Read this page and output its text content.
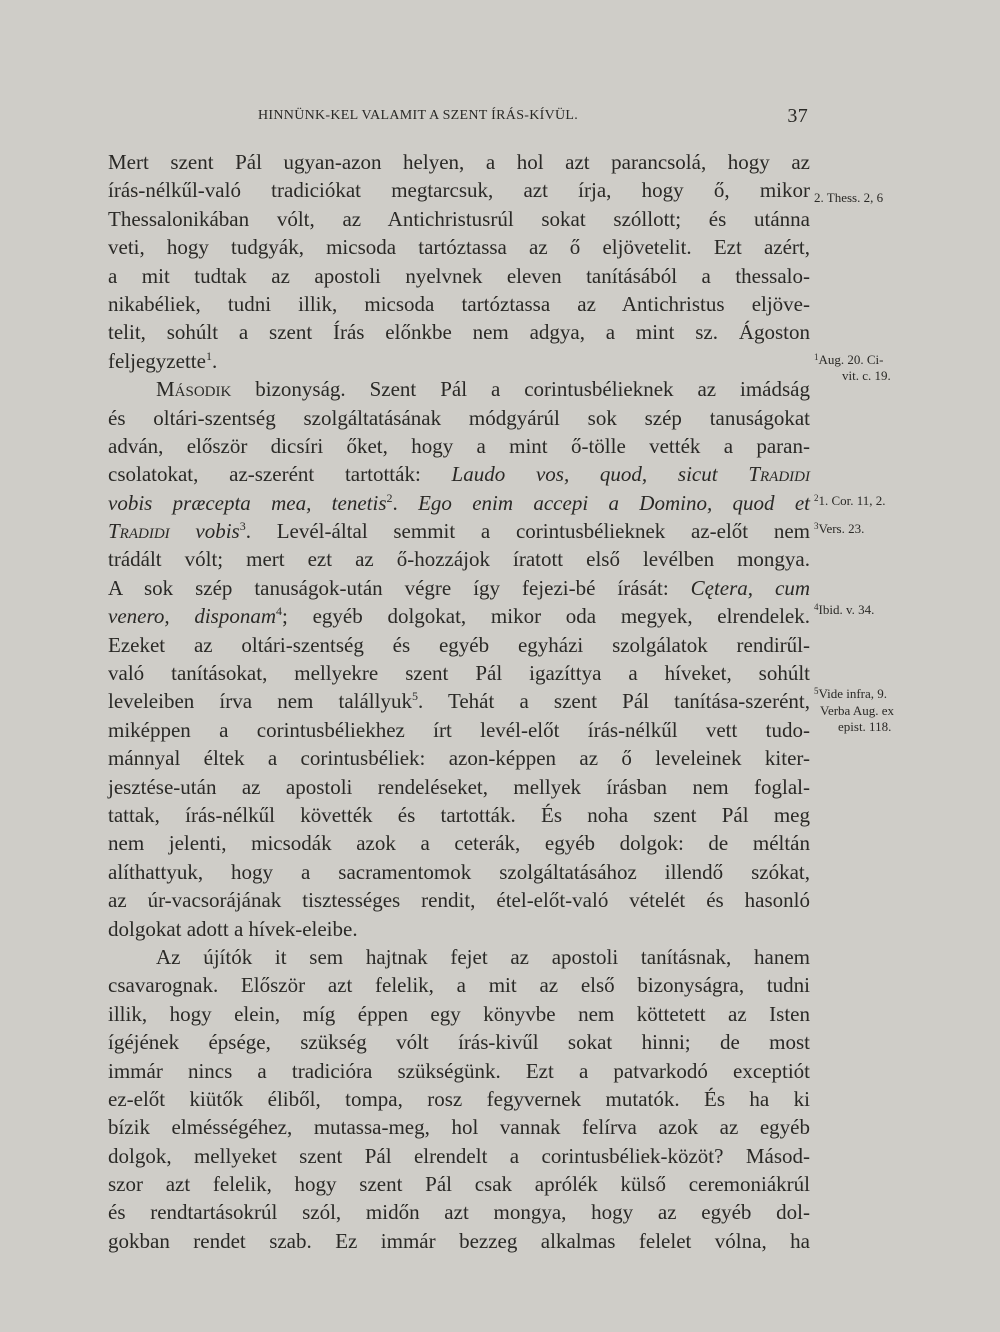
HINNÜNK-KEL VALAMIT A SZENT ÍRÁS-KÍVÜL.	37
Mert szent Pál ugyan-azon helyen, a hol azt parancsolá, hogy az
írás-nélkűl-való tradiciókat megtarcsuk, azt írja, hogy ő, mikor
Thessalonikában vólt, az Antichristusrúl sokat szóllott; és utánna
veti, hogy tudgyák, micsoda tartóztassa az ő eljövetelit. Ezt azért,
a mit tudtak az apostoli nyelvnek eleven tanításából a thessalo-
nikabéliek, tudni illik, micsoda tartóztassa az Antichristus eljöve-
telit, sohúlt a szent Írás előnkbe nem adgya, a mint sz. Ágoston
feljegyzette$^1$.
Második bizonyság. Szent Pál a corintusbélieknek az imádság
és oltári-szentség szolgáltatásának módgyárúl sok szép tanuságokat
adván, először dicsíri őket, hogy a mint ő-töllе vették a paran-
csolatokat, az-szerént tartották: Laudo vos, quod, sicut Tradidi
vobis præcepta mea, tenetis$^2$. Ego enim accepi a Domino, quod et
Tradidi vobis$^3$. Levél-által semmit a corintusbélieknek az-előt nem
trádált vólt; mert ezt az ő-hozzájok íratott első levélben mongya.
A sok szép tanuságok-után végre így fejezi-bé írását: Cętera, cum
venero, disponam$^4$; egyéb dolgokat, mikor oda megyek, elrendelek.
Ezeket az oltári-szentség és egyéb egyházi szolgálatok rendirűl-
való tanításokat, mellyekre szent Pál igazíttya a híveket, sohúlt
leveleiben írva nem talállyuk$^5$. Tehát a szent Pál tanítása-szerént,
miképpen a corintusbéliekhez írt levél-előt írás-nélkűl vett tudo-
mánnyal éltek a corintusbéliek: azon-képpen az ő leveleinek kiter-
jesztése-után az apostoli rendeléseket, mellyek írásban nem foglal-
tattak, írás-nélkűl követték és tartották. És noha szent Pál meg
nem jelenti, micsodák azok a ceterák, egyéb dolgok: de méltán
alíthattyuk, hogy a sacramentomok szolgáltatásához illendő szókat,
az úr-vacsorájának tisztességes rendit, étel-előt-való vételét és hasonló
dolgokat adott a hívek-eleibe.
Az újítók it sem hajtnak fejet az apostoli tanításnak, hanem
csavarognak. Először azt felelik, a mit az első bizonyságra, tudni
illik, hogy elein, míg éppen egy könyvbe nem köttetett az Isten
ígéjének épsége, szükség vólt írás-kivűl sokat hinni; de most
immár nincs a tradicióra szükségünk. Ezt a patvarkodó exceptiót
ez-előt kiütők éliből, tompa, rosz fegyvernek mutatók. És ha ki
bízik elmésségéhez, mutassa-meg, hol vannak felírva azok az egyéb
dolgok, mellyeket szent Pál elrendelt a corintusbéliek-közöt? Másod-
szor azt felelik, hogy szent Pál csak aprólék külső ceremoniákrúl
és rendtartásokrúl szól, midőn azt mongya, hogy az egyéb dol-
gokban rendet szab. Ez immár bezzeg alkalmas felelet vólna, ha
2. Thess. 2, 6
$^1$Aug. 20. Ci-
vit. c. 19.
$^2$1. Cor. 11, 2.
$^3$Vers. 23.
$^4$Ibid. v. 34.
$^5$Vide infra, 9.
Verba Aug. ex
epist. 118.
